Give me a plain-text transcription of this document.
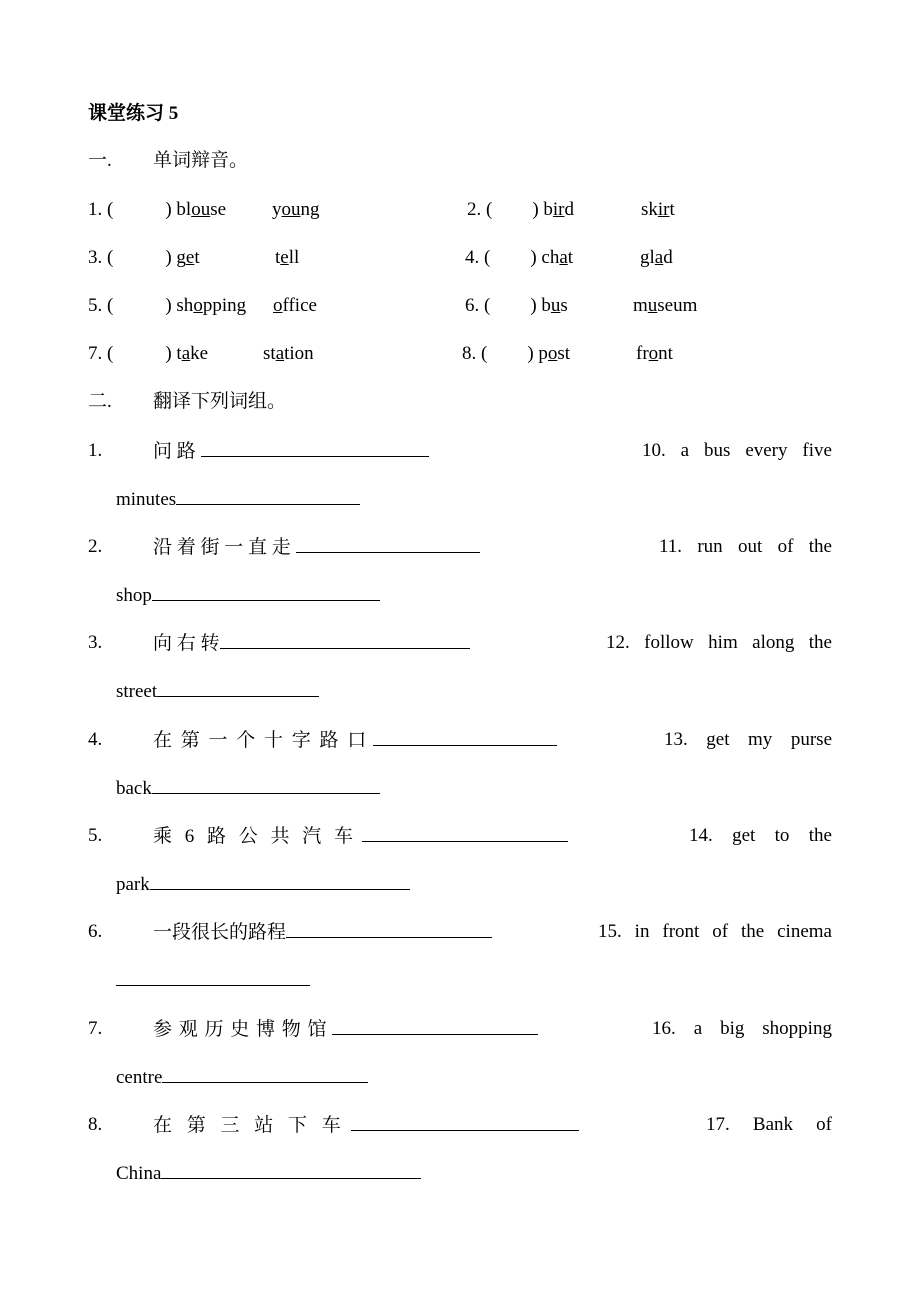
课堂练习 5
一. 单词辩音。
1. (	) blouse young
3. (	) get	tell
5. (	) shopping office
7. (	) take	station
2. ( ) bird	skirt
4. ( ) chat	glad
6. ( ) bus	museum
8. ( ) post	front
二. 翻译下列词组。
1.	问 路	10. a bus every five
minutes
2.	沿 着 街 一 直 走	11. run out of the
shop
3.	向 右 转	12. follow him along the
street
4.	在 第 一 个 十 字 路 口	13. get my purse
back
5.	乘 6 路 公 共 汽 车	14. get to the
park
6.	一段很长的路程	15. in front of the cinema
7.	参 观 历 史 博 物 馆	16. a big shopping
centre
8.	在 第 三 站 下 车	17. Bank of
China
